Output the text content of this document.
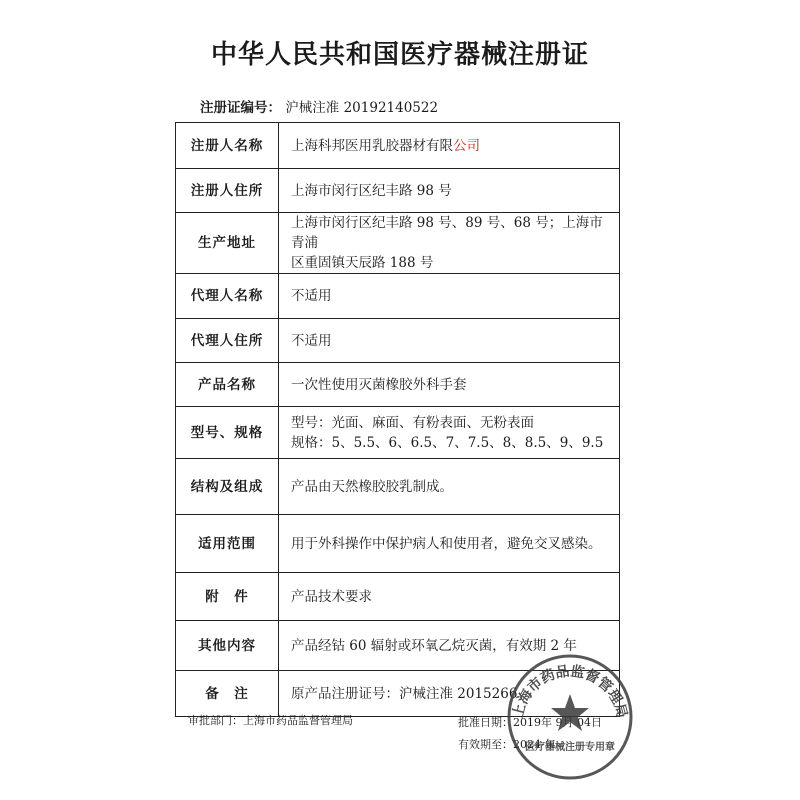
中华人民共和国医疗器械注册证
注册证编号： 沪械注准 20192140522
注册人名称	上海科邦医用乳胶器材有限公司
注册人住所	上海市闵行区纪丰路 98 号
生产地址	上海市闵行区纪丰路 98 号、89 号、68 号；上海市青浦
区重固镇天辰路 188 号

代理人名称	不适用
代理人住所	不适用
产品名称	一次性使用灭菌橡胶外科手套
型号、规格	型号：光面、麻面、有粉表面、无粉表面
规格：5、5.5、6、6.5、7、7.5、8、8.5、9、9.5

结构及组成	产品由天然橡胶胶乳制成。
适用范围	用于外科操作中保护病人和使用者，避免交叉感染。
附　件	产品技术要求
其他内容	产品经钴 60 辐射或环氧乙烷灭菌，有效期 2 年
备　注	原产品注册证号：沪械注准 2015266
审批部门：上海市药品监督管理局	批准日期：2019年 9月 04日
有效期至：2024 年
上海市药品监督管理局
医疗器械注册专用章
